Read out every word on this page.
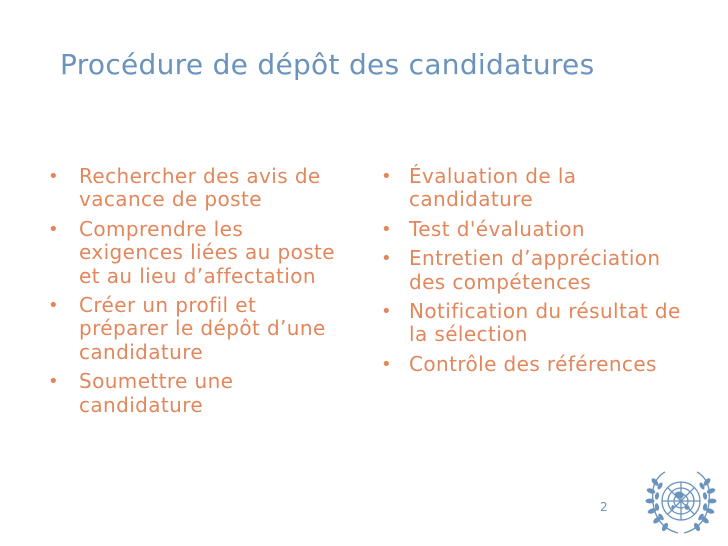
Procédure de dépôt des candidatures
• Rechercher des avis de vacance de poste
• Comprendre les exigences liées au poste et au lieu d’affectation
• Créer un profil et préparer le dépôt d’une candidature
• Soumettre une candidature
• Évaluation de la candidature
• Test d'évaluation
• Entretien d’appréciation des compétences
• Notification du résultat de la sélection
• Contrôle des références
2
